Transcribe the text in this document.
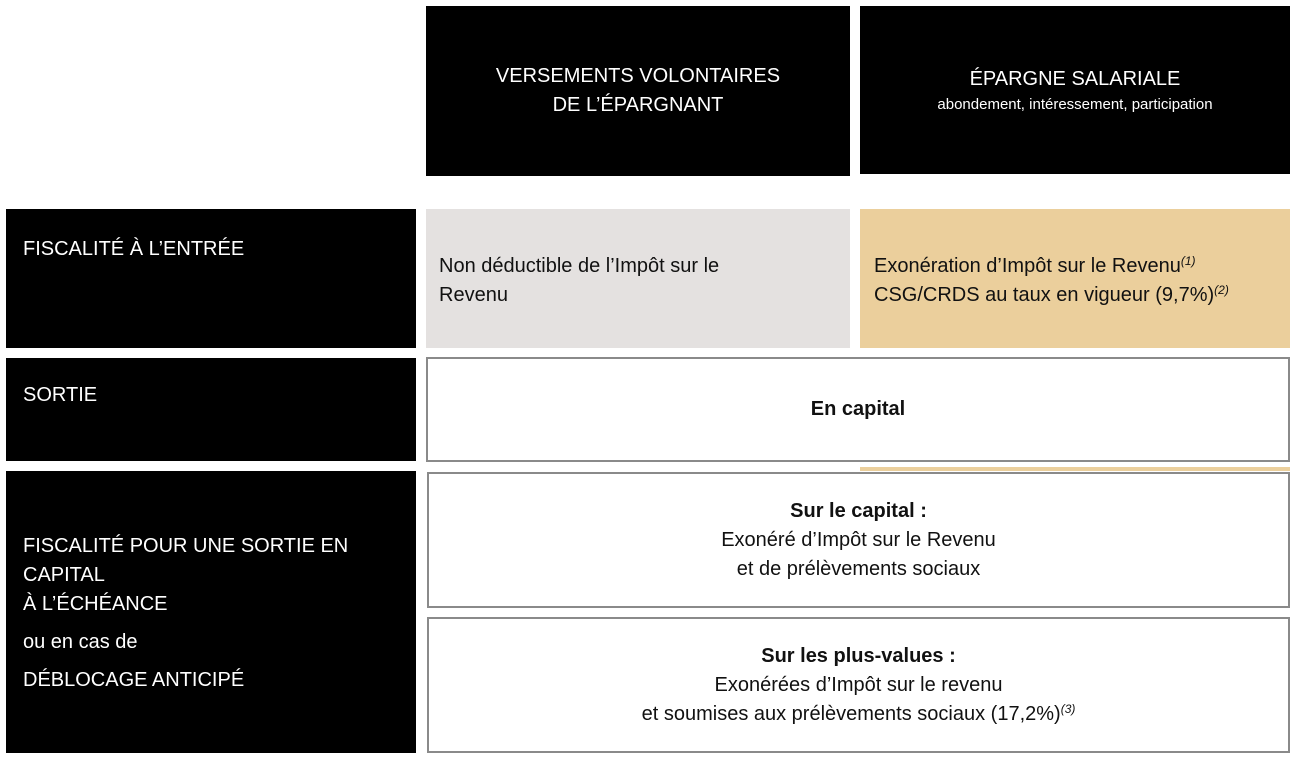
VERSEMENTS VOLONTAIRES
DE L’ÉPARGNANT
ÉPARGNE SALARIALE
abondement, intéressement, participation
FISCALITÉ À L’ENTRÉE
Non déductible de l’Impôt sur le
Revenu
Exonération d’Impôt sur le Revenu$^{(1)}$
CSG/CRDS au taux en vigueur $(9,7\%)^{(2)}$
SORTIE
En capital
FISCALITÉ POUR UNE SORTIE EN
CAPITAL
À L’ÉCHÉANCE
ou en cas de
DÉBLOCAGE ANTICIPÉ
Sur le capital :
Exonéré d’Impôt sur le Revenu
et de prélèvements sociaux
Sur les plus-values :
Exonérées d’Impôt sur le revenu
et soumises aux prélèvements sociaux $(17,2\%)^{(3)}$
